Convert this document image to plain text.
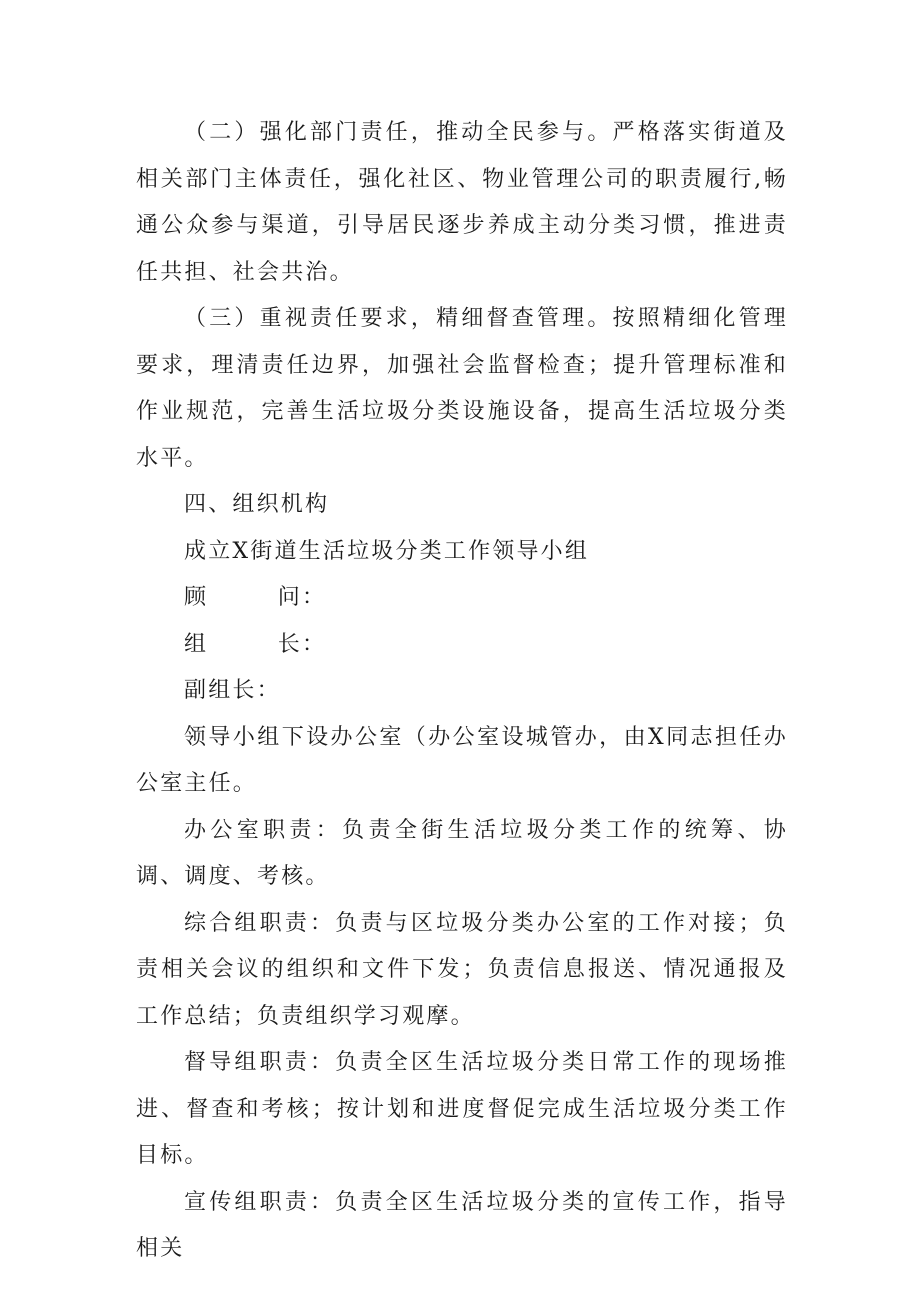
（二）强化部门责任，推动全民参与。严格落实街道及相关部门主体责任，强化社区、物业管理公司的职责履行,畅通公众参与渠道，引导居民逐步养成主动分类习惯，推进责任共担、社会共治。

（三）重视责任要求，精细督查管理。按照精细化管理要求，理清责任边界，加强社会监督检查；提升管理标准和作业规范，完善生活垃圾分类设施设备，提高生活垃圾分类水平。

四、组织机构

成立X街道生活垃圾分类工作领导小组

顾问：

组长：

副组长：

领导小组下设办公室（办公室设城管办，由X同志担任办公室主任。

办公室职责：负责全街生活垃圾分类工作的统筹、协调、调度、考核。

综合组职责：负责与区垃圾分类办公室的工作对接；负责相关会议的组织和文件下发；负责信息报送、情况通报及工作总结；负责组织学习观摩。

督导组职责：负责全区生活垃圾分类日常工作的现场推进、督查和考核；按计划和进度督促完成生活垃圾分类工作目标。

宣传组职责：负责全区生活垃圾分类的宣传工作，指导相关
